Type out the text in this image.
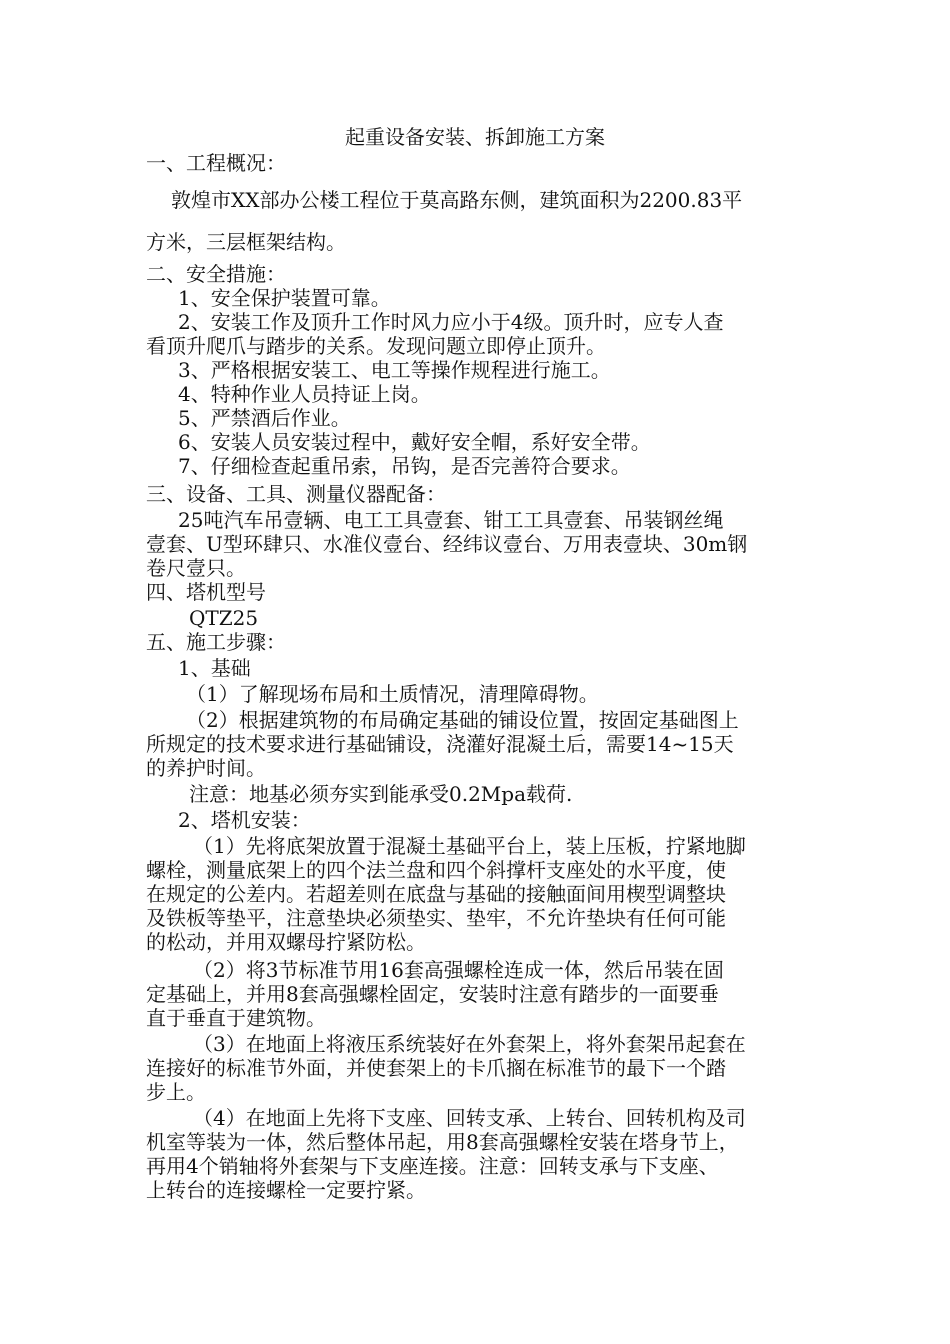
起重设备安装、拆卸施工方案
一、工程概况：
敦煌市XX部办公楼工程位于莫高路东侧，建筑面积为2200.83平
方米，三层框架结构。
二、安全措施：
1、安全保护装置可靠。
2、安装工作及顶升工作时风力应小于4级。顶升时，应专人查
看顶升爬爪与踏步的关系。发现问题立即停止顶升。
3、严格根据安装工、电工等操作规程进行施工。
4、特种作业人员持证上岗。
5、严禁酒后作业。
6、安装人员安装过程中，戴好安全帽，系好安全带。
7、仔细检查起重吊索，吊钩，是否完善符合要求。
三、设备、工具、测量仪器配备：
25吨汽车吊壹辆、电工工具壹套、钳工工具壹套、吊装钢丝绳
壹套、U型环肆只、水准仪壹台、经纬议壹台、万用表壹块、30m钢
卷尺壹只。
四、塔机型号
QTZ25
五、施工步骤：
1、基础
（1）了解现场布局和土质情况，清理障碍物。
（2）根据建筑物的布局确定基础的铺设位置，按固定基础图上
所规定的技术要求进行基础铺设，浇灌好混凝土后，需要14~15天
的养护时间。
注意：地基必须夯实到能承受0.2Mpa载荷.
2、塔机安装：
（1）先将底架放置于混凝土基础平台上，装上压板，拧紧地脚
螺栓，测量底架上的四个法兰盘和四个斜撑杆支座处的水平度，使
在规定的公差内。若超差则在底盘与基础的接触面间用楔型调整块
及铁板等垫平，注意垫块必须垫实、垫牢，不允许垫块有任何可能
的松动，并用双螺母拧紧防松。
（2）将3节标准节用16套高强螺栓连成一体，然后吊装在固
定基础上，并用8套高强螺栓固定，安装时注意有踏步的一面要垂
直于垂直于建筑物。
（3）在地面上将液压系统装好在外套架上，将外套架吊起套在
连接好的标准节外面，并使套架上的卡爪搁在标准节的最下一个踏
步上。
（4）在地面上先将下支座、回转支承、上转台、回转机构及司
机室等装为一体，然后整体吊起，用8套高强螺栓安装在塔身节上，
再用4个销轴将外套架与下支座连接。注意：回转支承与下支座、
上转台的连接螺栓一定要拧紧。
